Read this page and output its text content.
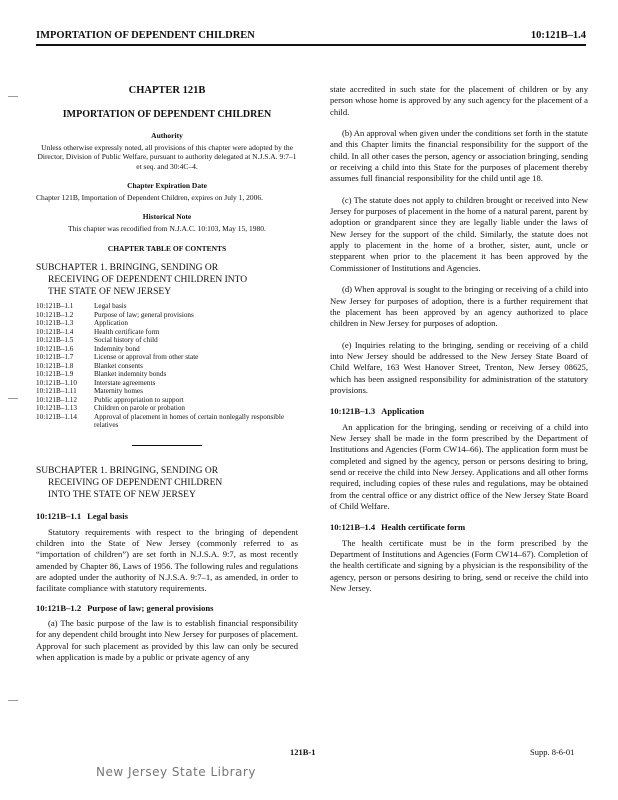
IMPORTATION OF DEPENDENT CHILDREN	10:121B–1.4
CHAPTER 121B
IMPORTATION OF DEPENDENT CHILDREN
Authority
Unless otherwise expressly noted, all provisions of this chapter were adopted by the Director, Division of Public Welfare, pursuant to authority delegated at N.J.S.A. 9:7–1 et seq. and 30:4C–4.
Chapter Expiration Date
Chapter 121B, Importation of Dependent Children, expires on July 1, 2006.
Historical Note
This chapter was recodified from N.J.A.C. 10:103, May 15, 1980.
CHAPTER TABLE OF CONTENTS
SUBCHAPTER 1. BRINGING, SENDING OR
RECEIVING OF DEPENDENT CHILDREN INTO
THE STATE OF NEW JERSEY
10:121B–1.1	Legal basis
10:121B–1.2	Purpose of law; general provisions
10:121B–1.3	Application
10:121B–1.4	Health certificate form
10:121B–1.5	Social history of child
10:121B–1.6	Indemnity bond
10:121B–1.7	License or approval from other state
10:121B–1.8	Blanket consents
10:121B–1.9	Blanket indemnity bonds
10:121B–1.10	Interstate agreements
10:121B–1.11	Maternity homes
10:121B–1.12	Public appropriation to support
10:121B–1.13	Children on parole or probation
10:121B–1.14	Approval of placement in homes of certain nonlegally responsible relatives
SUBCHAPTER 1. BRINGING, SENDING OR
RECEIVING OF DEPENDENT CHILDREN
INTO THE STATE OF NEW JERSEY
10:121B–1.1 Legal basis
Statutory requirements with respect to the bringing of dependent children into the State of New Jersey (commonly referred to as “importation of children”) are set forth in N.J.S.A. 9:7, as most recently amended by Chapter 86, Laws of 1956. The following rules and regulations are adopted under the authority of N.J.S.A. 9:7–1, as amended, in order to facilitate compliance with statutory requirements.
10:121B–1.2 Purpose of law; general provisions
(a) The basic purpose of the law is to establish financial responsibility for any dependent child brought into New Jersey for purposes of placement. Approval for such placement as provided by this law can only be secured when application is made by a public or private agency of any
state accredited in such state for the placement of children or by any person whose home is approved by any such agency for the placement of a child.
(b) An approval when given under the conditions set forth in the statute and this Chapter limits the financial responsibility for the support of the child. In all other cases the person, agency or association bringing, sending or receiving a child into this State for the purposes of placement thereby assumes full financial responsibility for the child until age 18.
(c) The statute does not apply to children brought or received into New Jersey for purposes of placement in the home of a natural parent, parent by adoption or grandparent since they are legally liable under the laws of New Jersey for the support of the child. Similarly, the statute does not apply to placement in the home of a brother, sister, aunt, uncle or stepparent when prior to the placement it has been approved by the Commissioner of Institutions and Agencies.
(d) When approval is sought to the bringing or receiving of a child into New Jersey for purposes of adoption, there is a further requirement that the placement has been approved by an agency authorized to place children in New Jersey for purposes of adoption.
(e) Inquiries relating to the bringing, sending or receiving of a child into New Jersey should be addressed to the New Jersey State Board of Child Welfare, 163 West Hanover Street, Trenton, New Jersey 08625, which has been assigned responsibility for administration of the statutory provisions.
10:121B–1.3 Application
An application for the bringing, sending or receiving of a child into New Jersey shall be made in the form prescribed by the Department of Institutions and Agencies (Form CW14–66). The application form must be completed and signed by the agency, person or persons desiring to bring, send or receive the child into New Jersey. Applications and all other forms required, including copies of these rules and regulations, may be obtained from the central office or any district office of the New Jersey State Board of Child Welfare.
10:121B–1.4 Health certificate form
The health certificate must be in the form prescribed by the Department of Institutions and Agencies (Form CW14–67). Completion of the health certificate and signing by a physician is the responsibility of the agency, person or persons desiring to bring, send or receive the child into New Jersey.
121B-1	Supp. 8-6-01
New Jersey State Library
